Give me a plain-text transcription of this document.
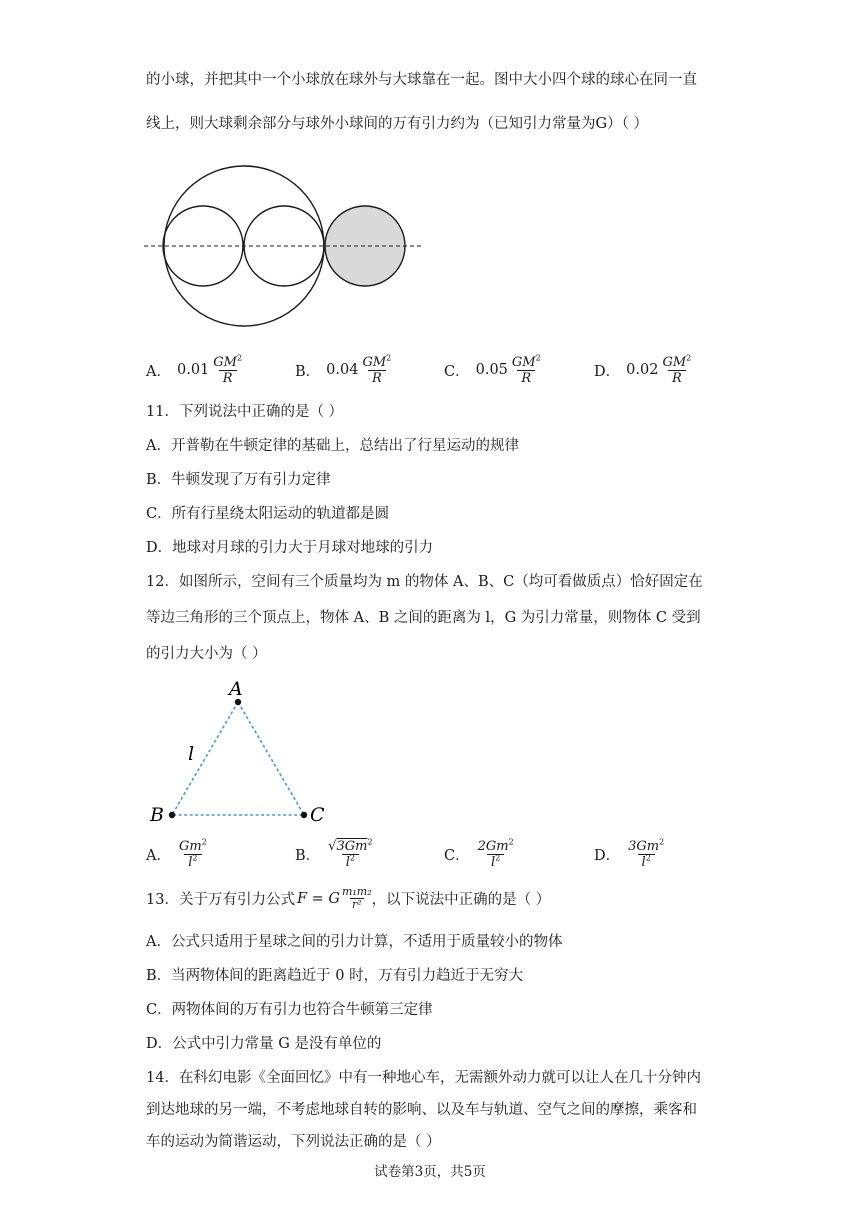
的小球，并把其中一个小球放在球外与大球靠在一起。图中大小四个球的球心在同一直
线上，则大球剩余部分与球外小球间的万有引力约为（已知引力常量为G）（ ）
A． $0.01 \frac{GM^2}{R}$	B． $0.04 \frac{GM^2}{R}$	C． $0.05 \frac{GM^2}{R}$	D． $0.02 \frac{GM^2}{R}$
11．下列说法中正确的是（ ）
A．开普勒在牛顿定律的基础上，总结出了行星运动的规律
B．牛顿发现了万有引力定律
C．所有行星绕太阳运动的轨道都是圆
D．地球对月球的引力大于月球对地球的引力
12．如图所示，空间有三个质量均为 m 的物体 A、B、C（均可看做质点）恰好固定在
等边三角形的三个顶点上，物体 A、B 之间的距离为 l，G 为引力常量，则物体 C 受到
的引力大小为（ ）
A
B	C
l
A． $\frac{Gm^2}{l^2}$	B． $\frac{√3Gm^2}{l^2}$	C． $\frac{2Gm^2}{l^2}$	D． $\frac{3Gm^2}{l^2}$
13．关于万有引力公式 F = G $\frac{\text{m₁m₂}}{\text{r²}}$ ，以下说法中正确的是（ ）
A．公式只适用于星球之间的引力计算，不适用于质量较小的物体
B．当两物体间的距离趋近于 0 时，万有引力趋近于无穷大
C．两物体间的万有引力也符合牛顿第三定律
D．公式中引力常量 G 是没有单位的
14．在科幻电影《全面回忆》中有一种地心车，无需额外动力就可以让人在几十分钟内
到达地球的另一端，不考虑地球自转的影响、以及车与轨道、空气之间的摩擦，乘客和
车的运动为简谐运动，下列说法正确的是（ ）
试卷第3页，共5页
